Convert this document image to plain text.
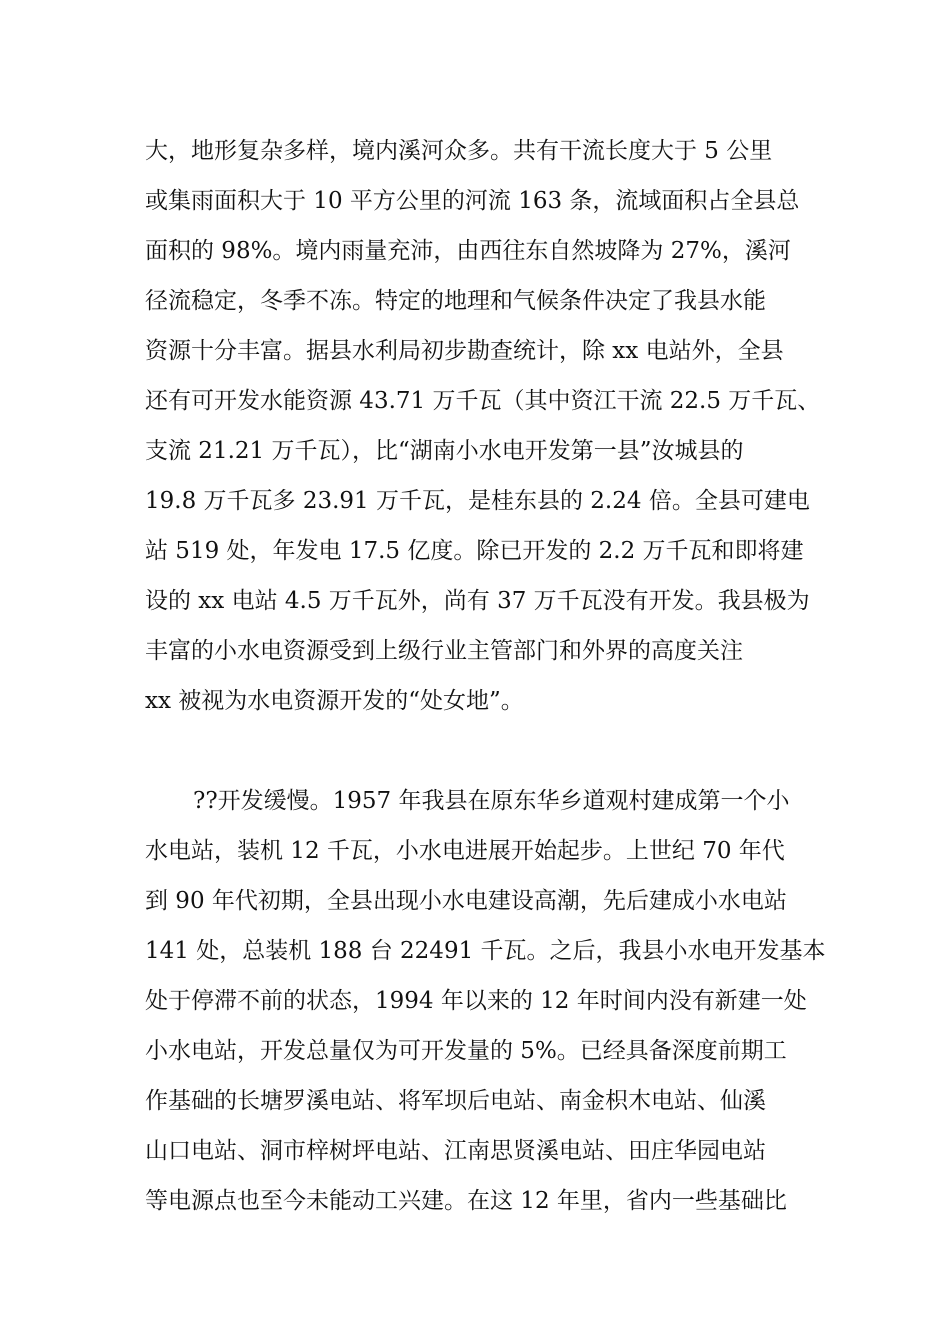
大，地形复杂多样，境内溪河众多。共有干流长度大于 5 公里
或集雨面积大于 10 平方公里的河流 163 条，流域面积占全县总
面积的 98%。境内雨量充沛，由西往东自然坡降为 27%，溪河
径流稳定，冬季不冻。特定的地理和气候条件决定了我县水能
资源十分丰富。据县水利局初步勘查统计，除 xx 电站外，全县
还有可开发水能资源 43.71 万千瓦（其中资江干流 22.5 万千瓦、
支流 21.21 万千瓦），比“湖南小水电开发第一县”汝城县的
19.8 万千瓦多 23.91 万千瓦，是桂东县的 2.24 倍。全县可建电
站 519 处，年发电 17.5 亿度。除已开发的 2.2 万千瓦和即将建
设的 xx 电站 4.5 万千瓦外，尚有 37 万千瓦没有开发。我县极为
丰富的小水电资源受到上级行业主管部门和外界的高度关注
xx 被视为水电资源开发的“处女地”。
??开发缓慢。1957 年我县在原东华乡道观村建成第一个小
水电站，装机 12 千瓦，小水电进展开始起步。上世纪 70 年代
到 90 年代初期，全县出现小水电建设高潮，先后建成小水电站
141 处，总装机 188 台 22491 千瓦。之后，我县小水电开发基本
处于停滞不前的状态，1994 年以来的 12 年时间内没有新建一处
小水电站，开发总量仅为可开发量的 5%。已经具备深度前期工
作基础的长塘罗溪电站、将军坝后电站、南金枳木电站、仙溪
山口电站、洞市梓树坪电站、江南思贤溪电站、田庄华园电站
等电源点也至今未能动工兴建。在这 12 年里，省内一些基础比
